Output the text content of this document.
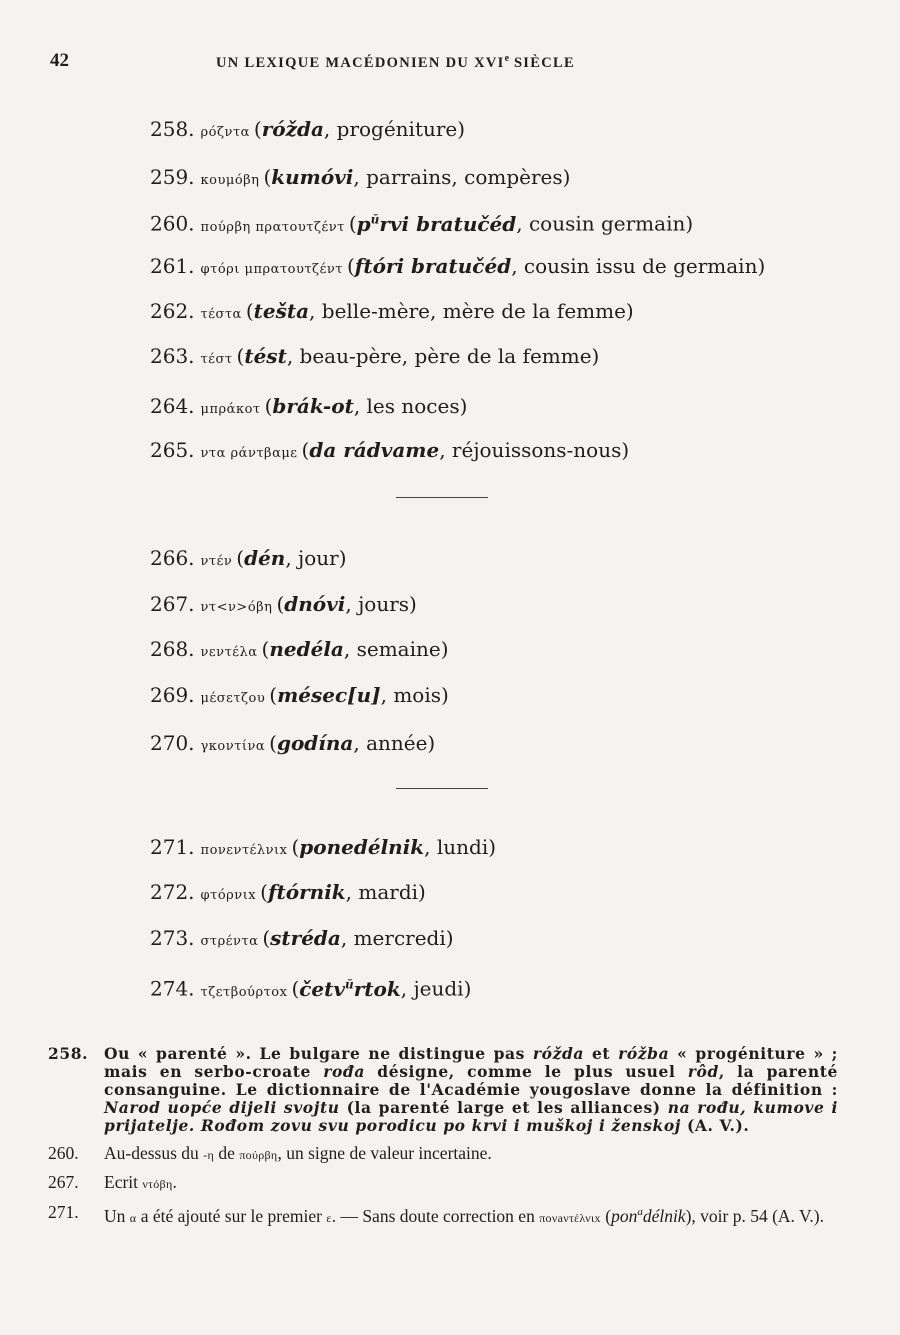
42	UN LEXIQUE MACÉDONIEN DU XVIe SIÈCLE
258. ρόζντα (róžda, progéniture)
259. κουμόβη (kumóvi, parrains, compères)
260. πούρβη πρατουτζέντ ($p^ŭrvi$ bratučéd, cousin germain)
261. φτόρι μπρατουτζέντ (ftóri bratučéd, cousin issu de germain)
262. τέστα (tešta, belle-mère, mère de la femme)
263. τέστ (tést, beau-père, père de la femme)
264. μπράκοτ (brák-ot, les noces)
265. ντα ράντβαμε (da rádvame, réjouissons-nous)
266. ντέν (dén, jour)
267. ντ<ν>όβη (dnóvi, jours)
268. νεντέλα (nedéla, semaine)
269. μέσετζου (mésec[u], mois)
270. γκοντίνα (godína, année)
271. πονεντέλνιx (ponedélnik, lundi)
272. φτόρνιx (ftórnik, mardi)
273. στρέντα (stréda, mercredi)
274. τζετβούρτοx (četv$^ŭ$rtok, jeudi)
258. Ou « parenté ». Le bulgare ne distingue pas róžda et róžba « progéniture » ; mais en serbo-croate rođa désigne, comme le plus usuel rôd, la parenté consanguine. Le dictionnaire de l'Académie yougoslave donne la définition : Narod uopće dijeli svojtu (la parenté large et les alliances) na rođu, kumove i prijatelje. Rođom zovu svu porodicu po krvi i muškoj i ženskoj (A. V.).
260. Au-dessus du -η de πούρβη, un signe de valeur incertaine.
267. Ecrit ντόβη.
271. Un α a été ajouté sur le premier ε. — Sans doute correction en πονaντέλνιx (pon$^a$délnik), voir p. 54 (A. V.).
